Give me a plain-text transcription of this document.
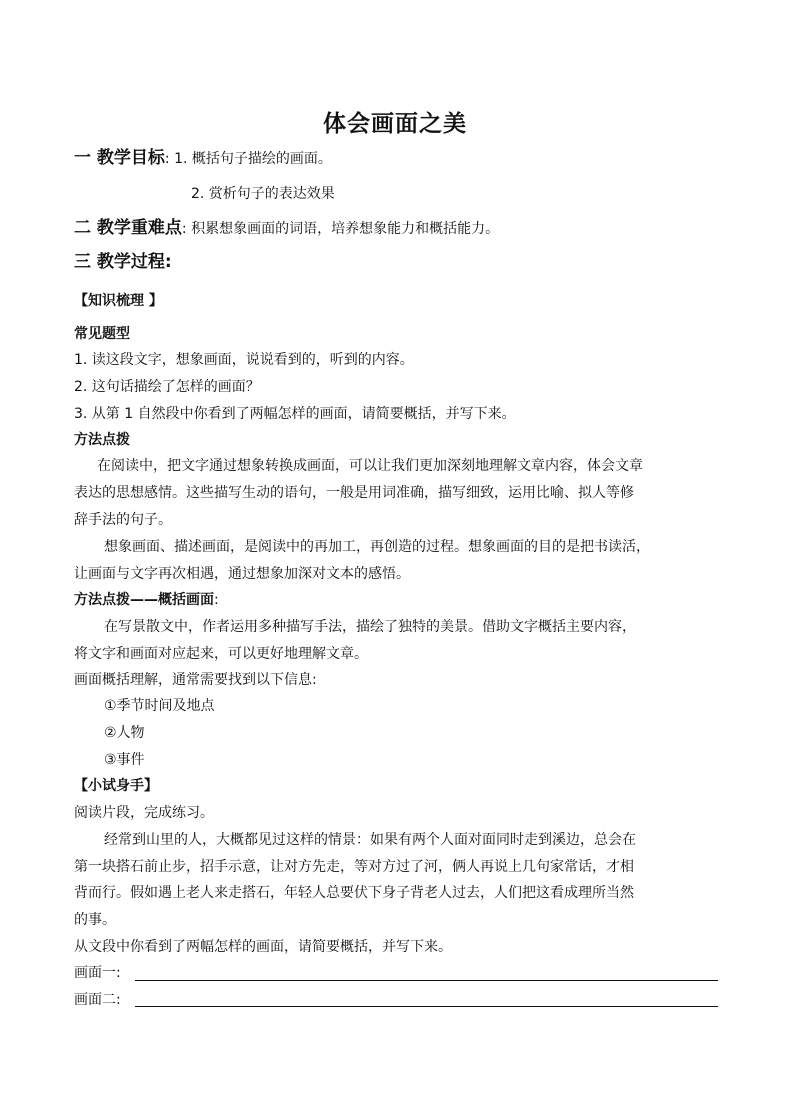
体会画面之美
一 教学目标: 1. 概括句子描绘的画面。
2. 赏析句子的表达效果
二 教学重难点: 积累想象画面的词语，培养想象能力和概括能力。
三 教学过程:
【知识梳理 】
常见题型
1. 读这段文字，想象画面，说说看到的，听到的内容。
2. 这句话描绘了怎样的画面？
3. 从第 1 自然段中你看到了两幅怎样的画面，请简要概括，并写下来。
方法点拨
在阅读中，把文字通过想象转换成画面，可以让我们更加深刻地理解文章内容，体会文章
表达的思想感情。这些描写生动的语句，一般是用词准确，描写细致，运用比喻、拟人等修
辞手法的句子。
想象画面、描述画面，是阅读中的再加工，再创造的过程。想象画面的目的是把书读活，
让画面与文字再次相遇，通过想象加深对文本的感悟。
方法点拨——概括画面:
在写景散文中，作者运用多种描写手法，描绘了独特的美景。借助文字概括主要内容，
将文字和画面对应起来，可以更好地理解文章。
画面概括理解，通常需要找到以下信息:
①季节时间及地点
②人物
③事件
【小试身手】
阅读片段，完成练习。
经常到山里的人，大概都见过这样的情景：如果有两个人面对面同时走到溪边，总会在
第一块搭石前止步，招手示意，让对方先走，等对方过了河，俩人再说上几句家常话，才相
背而行。假如遇上老人来走搭石，年轻人总要伏下身子背老人过去，人们把这看成理所当然
的事。
从文段中你看到了两幅怎样的画面，请简要概括，并写下来。
画面一:
画面二:
